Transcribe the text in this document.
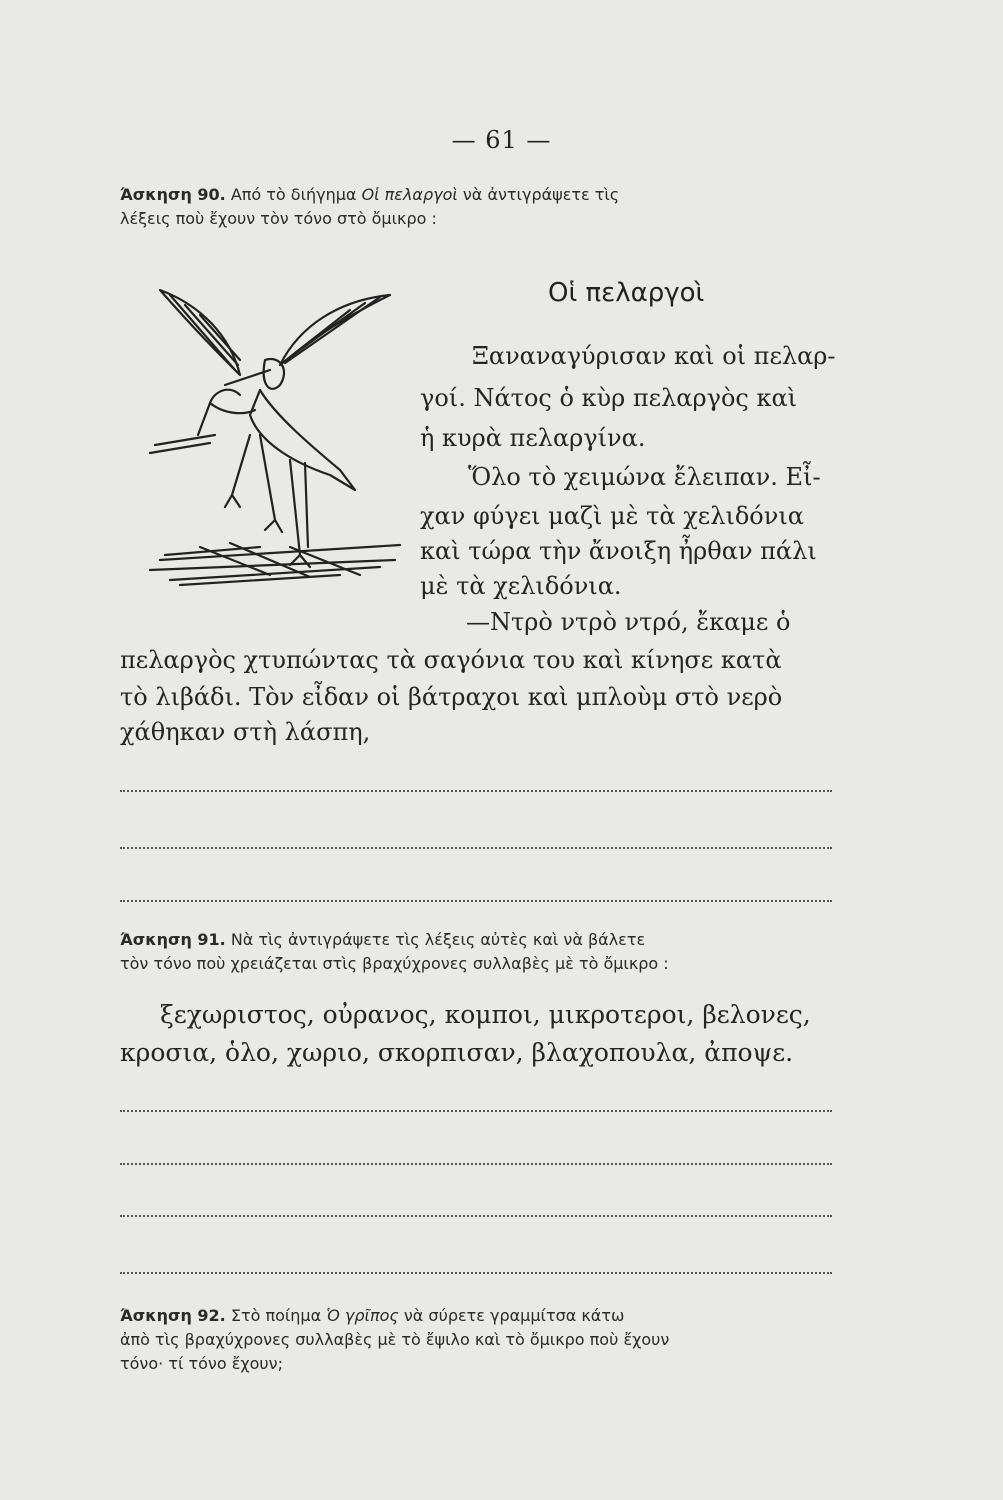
— 61 —
Άσκηση 90. Από τὸ διήγημα Οἱ πελαργοὶ νὰ ἀντιγράψετε τὶς
λέξεις ποὺ ἔχουν τὸν τόνο στὸ ὄμικρο :
Οἱ πελαργοὶ
Ξαναναγύρισαν καὶ οἱ πελαρ-
γοί. Νάτος ὁ κὺρ πελαργὸς καὶ
ἡ κυρὰ πελαργίνα.
Ὅλο τὸ χειμώνα ἔλειπαν. Εἶ-
χαν φύγει μαζὶ μὲ τὰ χελιδόνια
καὶ τώρα τὴν ἄνοιξη ἦρθαν πάλι
μὲ τὰ χελιδόνια.
—Ντρὸ ντρὸ ντρό, ἔκαμε ὁ
πελαργὸς χτυπώντας τὰ σαγόνια του καὶ κίνησε κατὰ
τὸ λιβάδι. Τὸν εἶδαν οἱ βάτραχοι καὶ μπλοὺμ στὸ νερὸ
χάθηκαν στὴ λάσπη,
Άσκηση 91. Νὰ τὶς ἀντιγράψετε τὶς λέξεις αὐτὲς καὶ νὰ βάλετε
τὸν τόνο ποὺ χρειάζεται στὶς βραχύχρονες συλλαβὲς μὲ τὸ ὄμικρο :
ξεχωριστος, οὐρανος, κομποι, μικροτεροι, βελονες,
κροσια, ὁλο, χωριο, σκορπισαν, βλαχοπουλα, ἀποψε.
Άσκηση 92. Στὸ ποίημα Ὁ γρῖπος νὰ σύρετε γραμμίτσα κάτω
ἀπὸ τὶς βραχύχρονες συλλαβὲς μὲ τὸ ἔψιλο καὶ τὸ ὄμικρο ποὺ ἔχουν
τόνο· τί τόνο ἔχουν;
